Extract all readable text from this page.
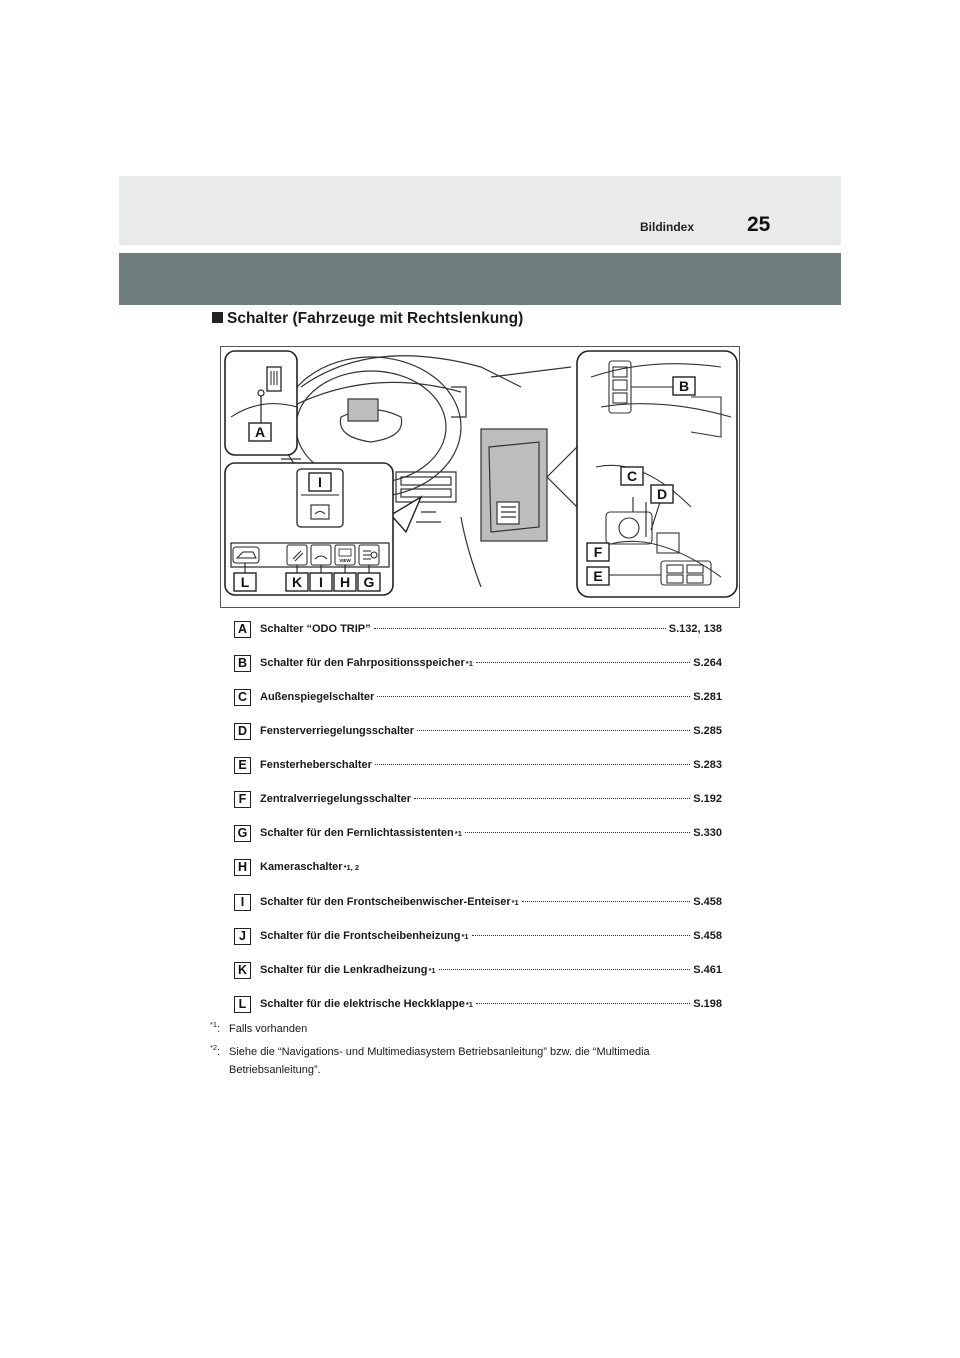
Bildindex	25
Schalter (Fahrzeuge mit Rechtslenkung)
A
B
C
D
E
F
I
VIEW
L	K I H G
A	Schalter “ODO TRIP”	S.132, 138
B	Schalter für den Fahrpositionsspeicher *1	S.264
C	Außenspiegelschalter	S.281
D	Fensterverriegelungsschalter	S.285
E	Fensterheberschalter	S.283
F	Zentralverriegelungsschalter	S.192
G	Schalter für den Fernlichtassistenten *1	S.330
H	Kameraschalter *1, 2
I	Schalter für den Frontscheibenwischer-Enteiser *1	S.458
J	Schalter für die Frontscheibenheizung *1	S.458
K	Schalter für die Lenkradheizung *1	S.461
L	Schalter für die elektrische Heckklappe *1	S.198
$^{*1}$: Falls vorhanden
$^{*2}$: Siehe die “Navigations- und Multimediasystem Betriebsanleitung” bzw. die “Multimedia Betriebsanleitung”.
